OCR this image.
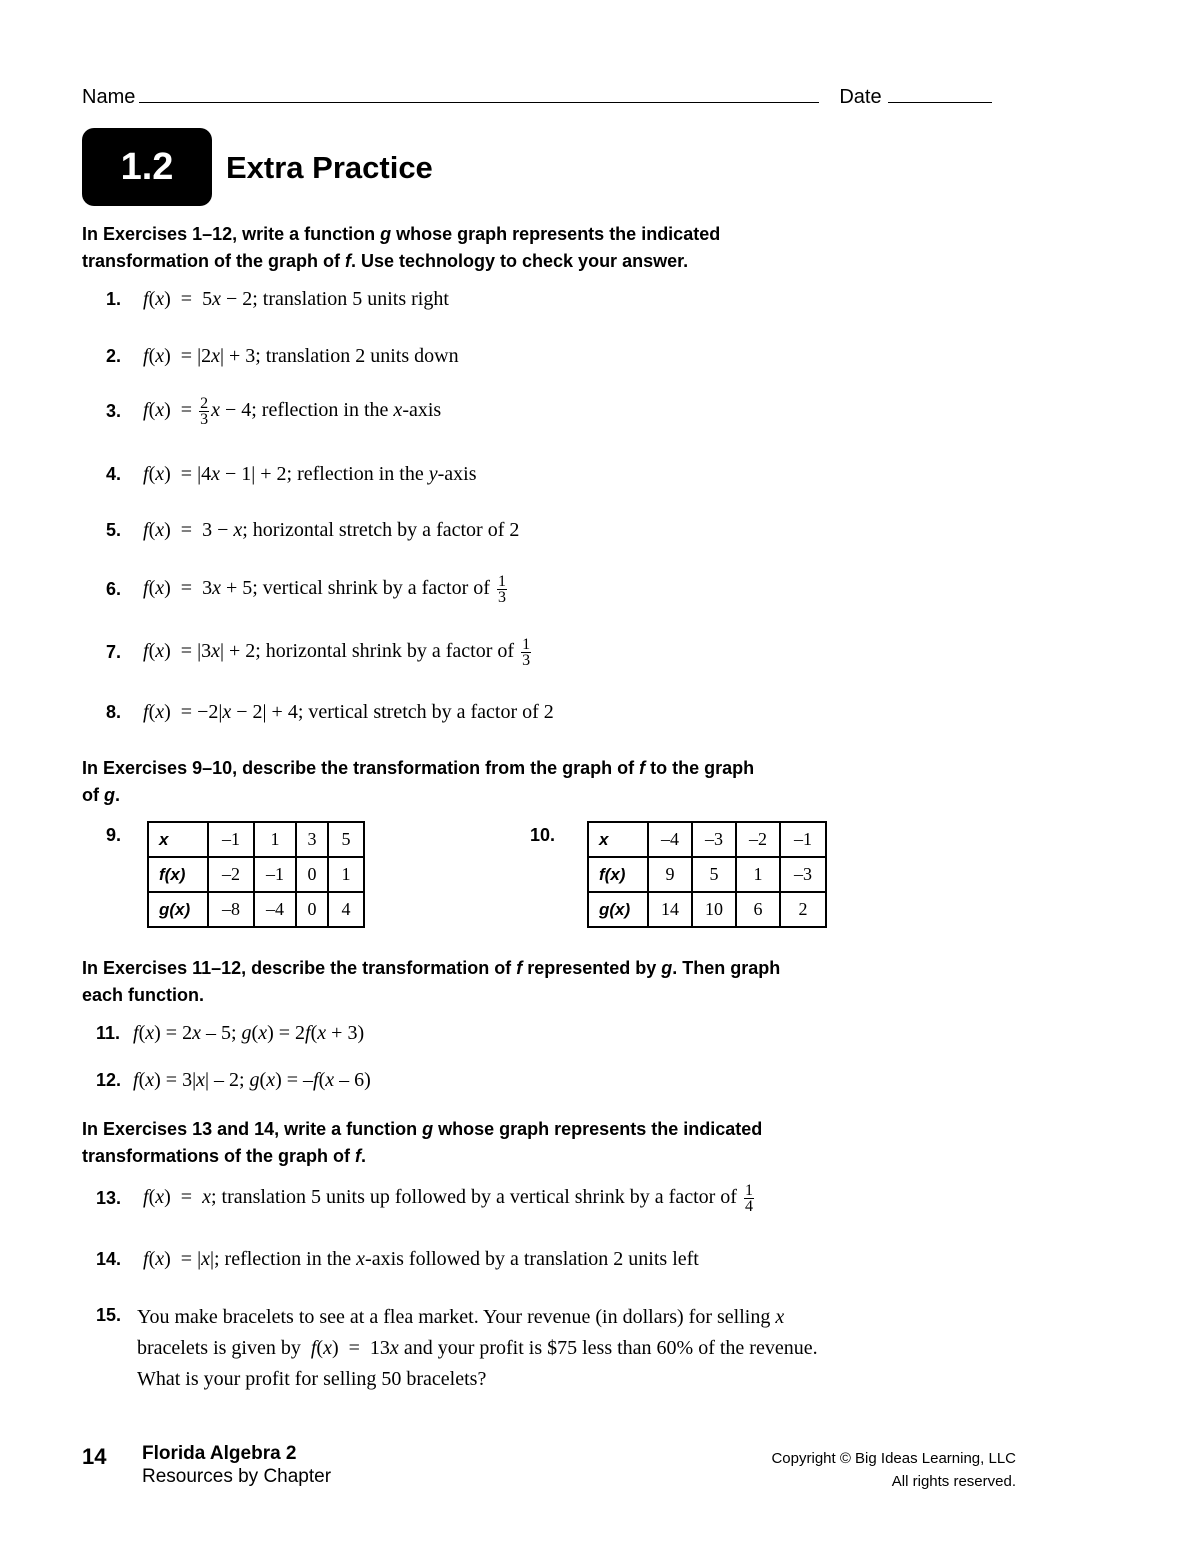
Name	Date
1.2 Extra Practice
In Exercises 1–12, write a function g whose graph represents the indicated
transformation of the graph of f. Use technology to check your answer.
1.	f(x)  =  5x − 2; translation 5 units right
2.	f(x)  = |2x| + 3; translation 2 units down
3.	$f(x) = \frac{2}{3}$ x − 4; reflection in the x-axis
4.	f(x)  = |4x − 1| + 2; reflection in the y-axis
5.	f(x)  =  3 − x; horizontal stretch by a factor of 2
6.	f(x)  =  3x + 5; vertical shrink by a factor of $\frac{1}{3}$
7.	f(x)  = |3x| + 2; horizontal shrink by a factor of $\frac{1}{3}$
8.	f(x)  = −2|x − 2| + 4; vertical stretch by a factor of 2
In Exercises 9–10, describe the transformation from the graph of f to the graph
of g.
9. x	–1	1	3	5
f(x)	–2	–1	0	1
g(x)	–8	–4	0	4
10.	x	–4	–3	–2	–1
f(x)	9	5	1	–3
g(x)	14	10	6	2
In Exercises 11–12, describe the transformation of f represented by g. Then graph
each function.
11. f(x) = 2x – 5; g(x) = 2f(x + 3)
12. f(x) = 3|x| – 2; g(x) = –f(x – 6)
In Exercises 13 and 14, write a function g whose graph represents the indicated
transformations of the graph of f.
13.	f(x)  =  x; translation 5 units up followed by a vertical shrink by a factor of $\frac{1}{4}$
14.	f(x)  = |x|; reflection in the x-axis followed by a translation 2 units left
15. You make bracelets to see at a flea market. Your revenue (in dollars) for selling x bracelets is given by  f(x)  =  13x and your profit is $75 less than 60% of the revenue. What is your profit for selling 50 bracelets?
14 Florida Algebra 2
Resources by Chapter
Copyright © Big Ideas Learning, LLC
All rights reserved.
